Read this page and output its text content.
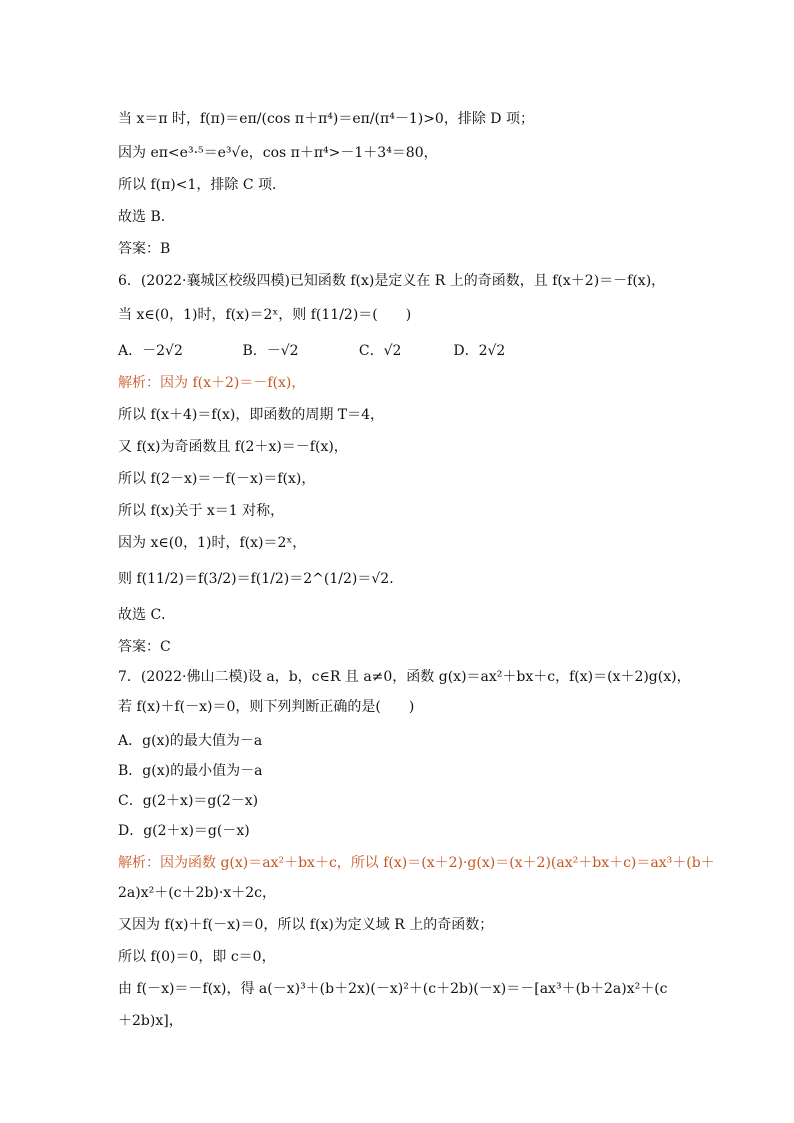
当 x＝π 时，f(π)＝eπ/(cos π＋π⁴)＝eπ/(π⁴－1)>0，排除 D 项；
因为 eπ<e³·⁵＝e³√e，cos π＋π⁴>－1＋3⁴＝80，
所以 f(π)<1，排除 C 项．
故选 B．
答案：B
6．(2022·襄城区校级四模)已知函数 f(x)是定义在 R 上的奇函数，且 f(x＋2)＝－f(x)，
当 x∈(0，1)时，f(x)＝2ˣ，则 f(11/2)＝(　　)
A．－2√2	B．－√2	C．√2	D．2√2
解析：因为 f(x＋2)＝－f(x)，
所以 f(x＋4)＝f(x)，即函数的周期 T＝4，
又 f(x)为奇函数且 f(2＋x)＝－f(x)，
所以 f(2－x)＝－f(－x)＝f(x)，
所以 f(x)关于 x＝1 对称，
因为 x∈(0，1)时，f(x)＝2ˣ，
则 f(11/2)＝f(3/2)＝f(1/2)＝2^(1/2)＝√2．
故选 C．
答案：C
7．(2022·佛山二模)设 a，b，c∈R 且 a≠0，函数 g(x)＝ax²＋bx＋c，f(x)＝(x＋2)g(x)，
若 f(x)＋f(－x)＝0，则下列判断正确的是(　　)
A．g(x)的最大值为－a
B．g(x)的最小值为－a
C．g(2＋x)＝g(2－x)
D．g(2＋x)＝g(－x)
解析：因为函数 g(x)＝ax²＋bx＋c，所以 f(x)＝(x＋2)·g(x)＝(x＋2)(ax²＋bx＋c)＝ax³＋(b＋
2a)x²＋(c＋2b)·x＋2c，
又因为 f(x)＋f(－x)＝0，所以 f(x)为定义域 R 上的奇函数；
所以 f(0)＝0，即 c＝0，
由 f(－x)＝－f(x)，得 a(－x)³＋(b＋2x)(－x)²＋(c＋2b)(－x)＝－[ax³＋(b＋2a)x²＋(c
＋2b)x]，
